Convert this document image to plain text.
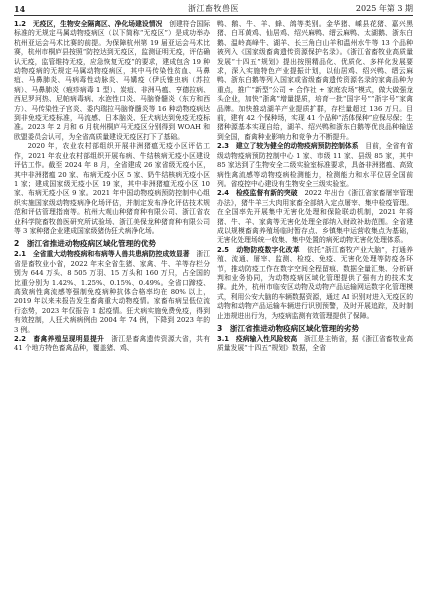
14	浙江畜牧兽医	2025 年第 3 期

1.2　 无疫区，生物安全隔离区、净化场建设情况　 创建符合国际标准的无规定马属动物疫病区（以下简称“无疫区”）是成功举办杭州亚运会马术比赛的前提。为保障杭州第 19 届亚运会马术比赛，杭州市桐庐县按照“防控达到无疫区，监测证明无疫，评估确认无疫，监管维持无疫，应急恢复无疫”的要求，建成包含 19 种动物疫病的无规定马属动物疫病区，其中马传染性贫血、马鼻疽、马鼻肺炎、马病毒性动脉炎、马媾疫（伊氏锥虫病（苏拉病）、马鼻肺炎（疱疹病毒 1 型）、炭疽、非洲马瘟、亨德拉病、西尼罗河热、尼帕病毒病、水泡性口炎、马脑脊髓炎（东方和西方）、马传染性子宫炎、委内瑞拉马脑脊髓炎等 16 种动物疫病达到非免疫无疫标准，马流感、日本脑炎、狂犬病达到免疫无疫标准。2023 年 2 月和 6 月杭州桐庐马无疫区分别得到 WOAH 和欧盟委员会认可，为全省高质量建设无疫区打下了基础。

2020 年，农业农村部组织开展非洲猪瘟无疫小区评估工作，2021 年农业农村部组织开展布病、牛结核病无疫小区建设评估工作。截至 2024 年 8 月，全省建成 26 家省级无疫小区，其中非洲猪瘟 20 家、布病无疫小区 5 家、奶牛结核病无疫小区 1 家；建成国家级无疫小区 19 家，其中非洲猪瘟无疫小区 10 家、布病无疫小区 9 家。2021 年中国动物疫病预防控制中心组织实施国家级动物疫病净化场评估，并制定发布净化评估技术规范和评估管理指南等。杭州大观山种猪育种有限公司、浙江省农业科学院畜牧兽医研究所试验场、浙江美保龙种猪育种有限公司等 3 家种猪企业建成国家级猪伪狂犬病净化场。

2　浙江省推进动物疫病区域化管理的优势

2.1　 全省重大动物疫病和布病等人兽共患病防控成效显著　 浙江省是畜牧业小省，2022 年末全省生猪、家禽、牛、羊等存栏分别为 644 万头、8 505 万羽、15 万头和 160 万只，占全国的比重分别为 1.42%、1.25%、0.15%、0.49%。全省口蹄疫、高致病性禽流感等强制免疫病种抗体合格率均在 80% 以上，2019 年以来未报告发生畜禽重大动物疫情。家畜布病呈低位流行态势，2023 年仅报告 1 起疫情。狂犬病实施免费免疫，得到有效控制，人狂犬病病例由 2004 年 74 例，下降到 2023 年的 3 例。

2.2　 畜禽养殖呈现明显提升　 浙江是畜禽遗传资源大省，共有 41 个地方特色畜禽品种，覆盖猪、鸡、

鸭、鹅、牛、羊、蜂、鸽等类别。金华猪、嵊县花猪、嘉兴黑猪、白耳黄鸡、仙居鸡、绍兴麻鸭、缙云麻鸭、太湖鹅、浙东白鹅、温岭高峰牛、湖羊、长三角白山羊和温州水牛等 13 个品种被列入《国家级畜禽遗传资源保护名录》。《浙江省畜牧业高质量发展“十四五”规划》提出按照精品化、优质化、多样化发展要求，深入实施特色产业提振计划，以仙居鸡、绍兴鸭、缙云麻鸭、浙东白鹅等列入国家或省级畜禽遗传资源名录的家禽品种为重点，推广“新型”公司 + 合作社 + 家庭农场”模式，做大做强龙头企业，加快“浙禽”增量提质，培育一批“国字号”“浙字号”家禽品牌。加快推动湖羊产业提质扩群，存栏量超过 136 万只。目前，建有 42 个保种场，实现 41 个品种“活体保种”应保尽保；生猪种源基本实现自给，湖羊、绍兴鸭和浙东白鹅等优良品种输送到全国，畜禽种业影响力和竞争力不断提升。

2.3　 建立了较为健全的动物疫病预防控制体系　 目前，全省有省级动物疫病预防控制中心 1 家、市级 11 家、县级 85 家，其中 85 家达到了生物安全二级实验室标准要求，具备非洲猪瘟、高致病性禽流感等动物疫病检测能力，检测能力和水平位居全国前列。省疫控中心建设有生物安全三级实验室。

2.4　 检疫监督有新的突破　 2022 年出台《浙江省家畜屠宰管理办法》，猪牛羊三大肉用家畜全部纳入定点屠宰、集中检疫管理。在全国率先开展集中无害化处理和保险联动机制，2021 年将猪、牛、羊、家禽等无害化处理全部纳入财政补助范围。全省建成以规模畜禽养殖场临时暂存点、乡镇集中运营收集点为基础，无害化处理场统一收集、集中处置的病死动物无害化处理体系。

2.5　 动物防疫数字化改革　 依托“浙江畜牧产业大脑”，打通养殖、流通、屠宰、监测、检疫、免疫、无害化处理等防疫各环节，推动防疫工作在数字空间全程留痕、数据全量汇集、分析研判和业务协同，为动物疫病区域化管理提供了强有力的技术支撑。此外，杭州市临安区动物及动物产品运输网运数字化管理模式，利用公安大脑的车辆数据资源，通过 AI 识别对进入无疫区的动物和动物产品运输车辆进行识别预警，及时开展追踪，及时制止违规进出行为，为疫病监测有效管理提供了保障。

3　浙江省推进动物疫病区域化管理的劣势

3.1　 疫病输入性风险较高　 浙江是主销省，据《浙江省畜牧业高质量发展“十四五”规划》数据，全省
